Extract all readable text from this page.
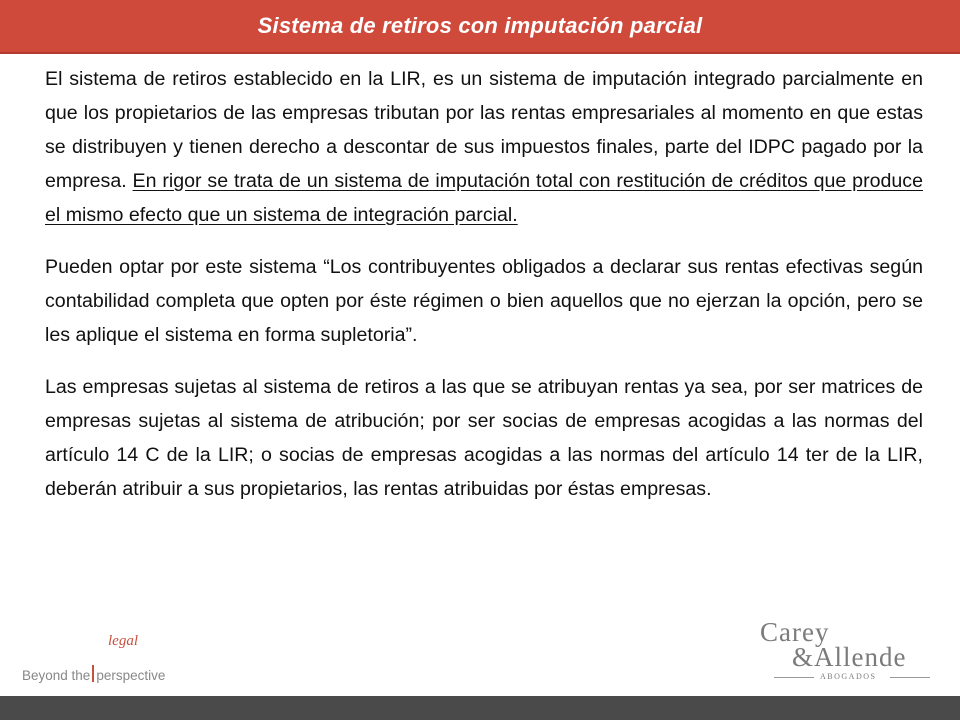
Sistema de retiros con imputación parcial

El sistema de retiros establecido en la LIR, es un sistema de imputación integrado parcialmente en que los propietarios de las empresas tributan por las rentas empresariales al momento en que estas se distribuyen y tienen derecho a descontar de sus impuestos finales, parte del IDPC pagado por la empresa. En rigor se trata de un sistema de imputación total con restitución de créditos que produce el mismo efecto que un sistema de integración parcial.

Pueden optar por este sistema “Los contribuyentes obligados a declarar sus rentas efectivas según contabilidad completa que opten por éste régimen o bien aquellos que no ejerzan la opción, pero se les aplique el sistema en forma supletoria”.

Las empresas sujetas al sistema de retiros a las que se atribuyan rentas ya sea, por ser matrices de empresas sujetas al sistema de atribución; por ser socias de empresas acogidas a las normas del artículo 14 C de la LIR; o socias de empresas acogidas a las normas del artículo 14 ter de la LIR, deberán atribuir a sus propietarios, las rentas atribuidas por éstas empresas.

legal
Beyond the perspective
Carey
&Allende
ABOGADOS
